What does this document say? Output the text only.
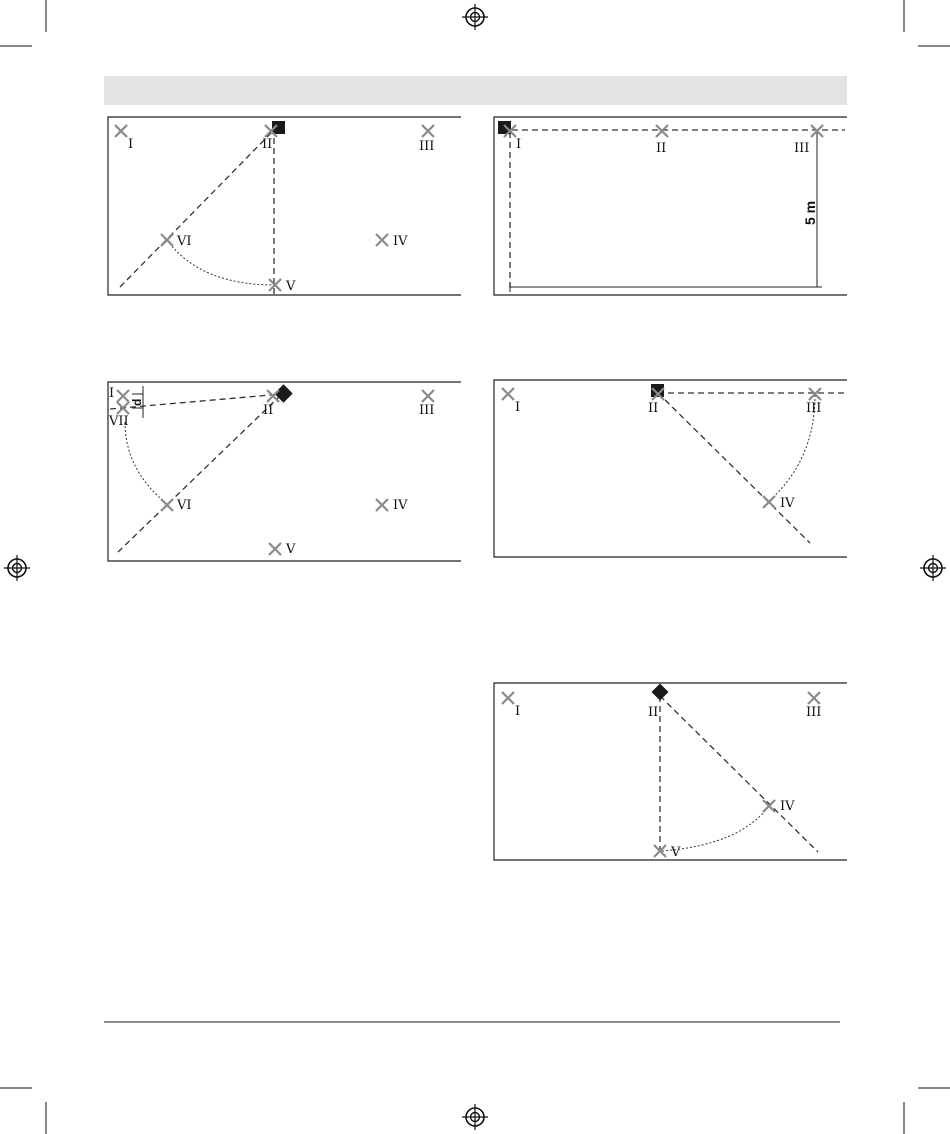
I	II	III
IV
V
VI
I	II	III
5 m
d
I
II	III
IV
V
VI
VII
I	II	III
IV
I	II	III
IV
V
